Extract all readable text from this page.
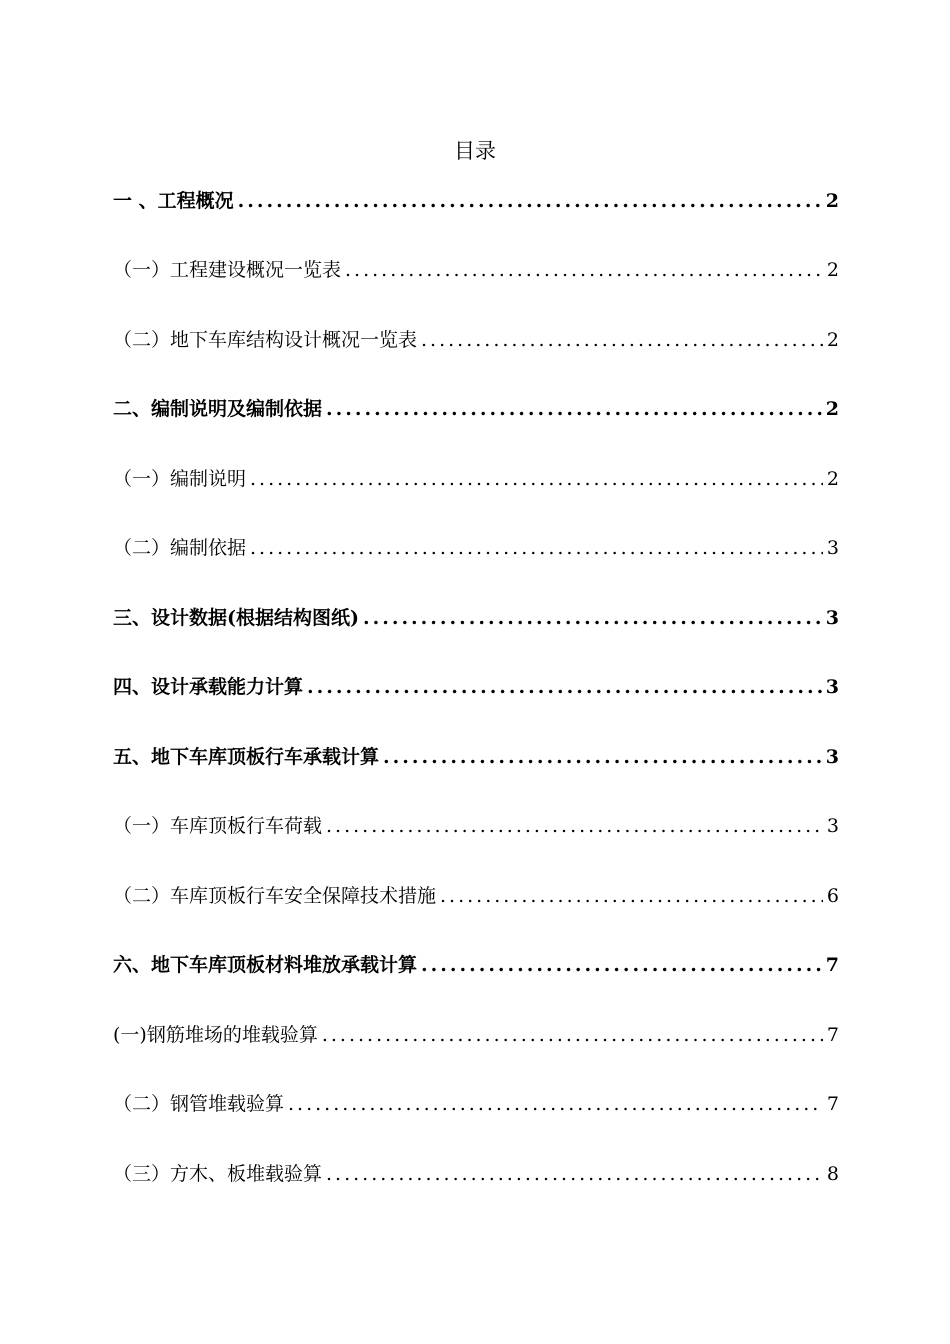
目录
一 、工程概况 .....	2
（一）工程建设概况一览表 .....	2
（二）地下车库结构设计概况一览表 .....	2
二、编制说明及编制依据 .....	2
（一）编制说明 .....	2
（二）编制依据 .....	3
三、设计数据(根据结构图纸) .....	3
四、设计承载能力计算 .....	3
五、地下车库顶板行车承载计算 .....	3
（一）车库顶板行车荷载 .....	3
（二）车库顶板行车安全保障技术措施 .....	6
六、地下车库顶板材料堆放承载计算 .....	7
(一)钢筋堆场的堆载验算 .....	7
（二）钢管堆载验算 .....	7
（三）方木、板堆载验算 .....	8
